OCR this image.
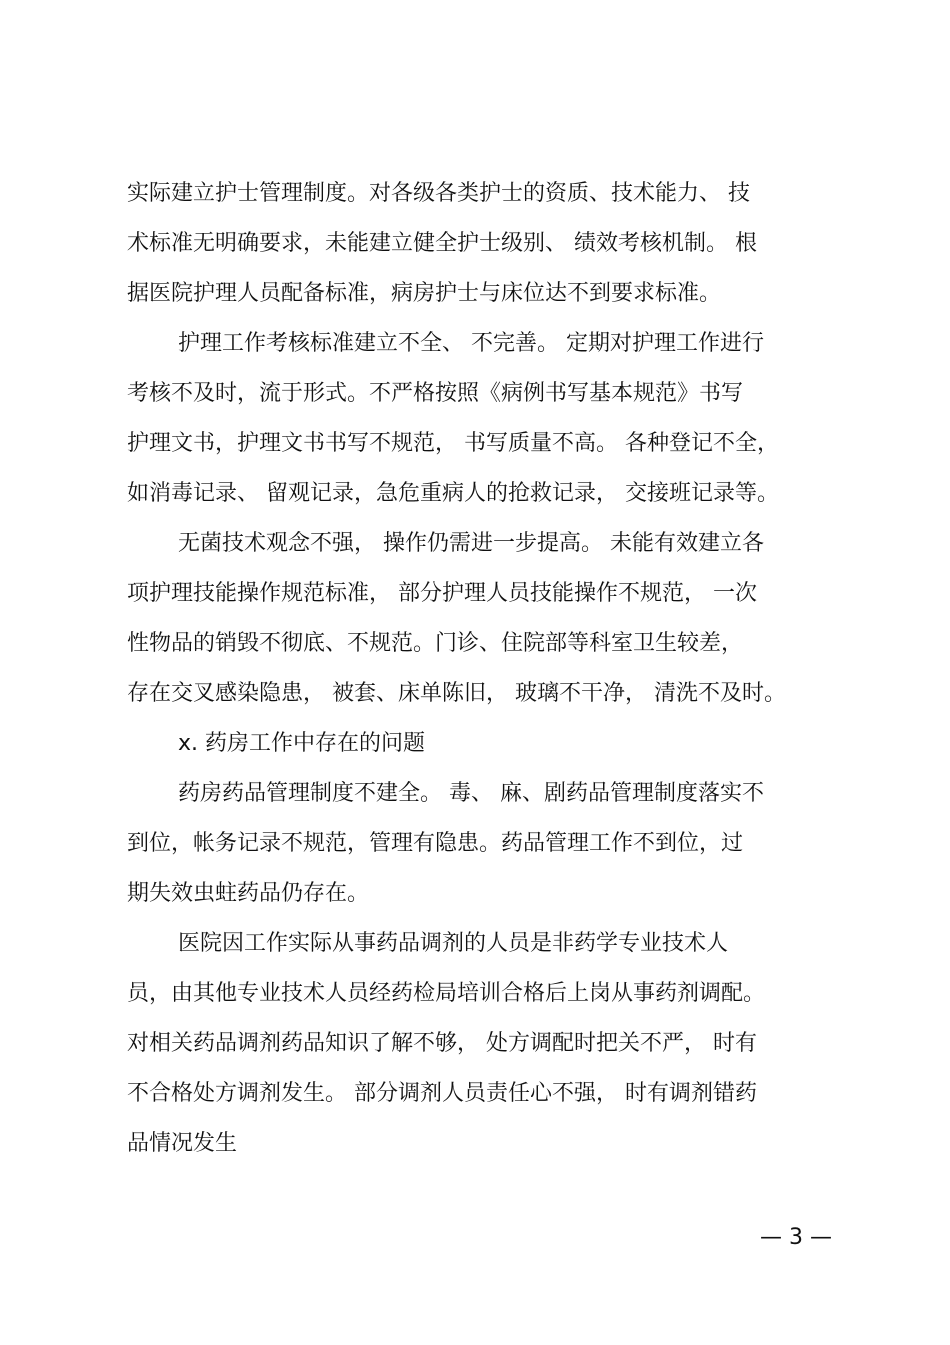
实际建立护士管理制度。对各级各类护士的资质、技术能力、 技
术标准无明确要求，未能建立健全护士级别、 绩效考核机制。 根
据医院护理人员配备标准，病房护士与床位达不到要求标准。
护理工作考核标准建立不全、 不完善。 定期对护理工作进行
考核不及时，流于形式。不严格按照《病例书写基本规范》书写
护理文书，护理文书书写不规范， 书写质量不高。 各种登记不全，
如消毒记录、 留观记录，急危重病人的抢救记录， 交接班记录等。
无菌技术观念不强， 操作仍需进一步提高。 未能有效建立各
项护理技能操作规范标准， 部分护理人员技能操作不规范， 一次
性物品的销毁不彻底、不规范。门诊、住院部等科室卫生较差，
存在交叉感染隐患， 被套、床单陈旧， 玻璃不干净， 清洗不及时。
x. 药房工作中存在的问题
药房药品管理制度不建全。 毒、 麻、剧药品管理制度落实不
到位，帐务记录不规范，管理有隐患。药品管理工作不到位，过
期失效虫蛀药品仍存在。
医院因工作实际从事药品调剂的人员是非药学专业技术人
员，由其他专业技术人员经药检局培训合格后上岗从事药剂调配。
对相关药品调剂药品知识了解不够， 处方调配时把关不严， 时有
不合格处方调剂发生。 部分调剂人员责任心不强， 时有调剂错药
品情况发生
— 3 —
